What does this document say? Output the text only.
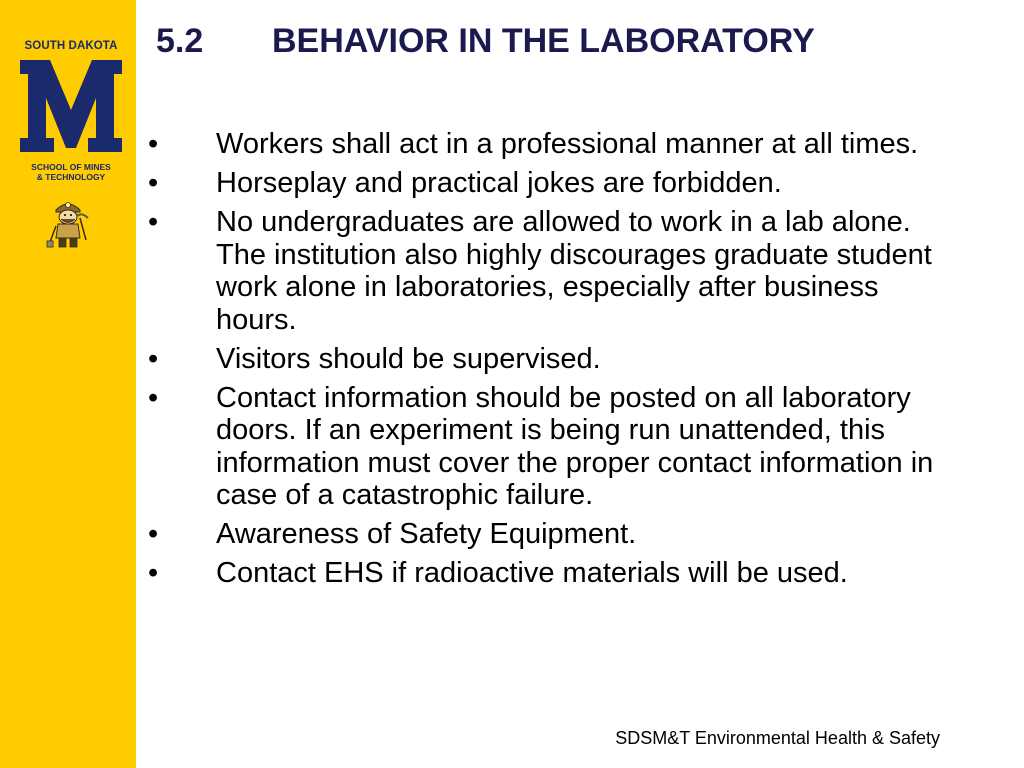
SOUTH DAKOTA
SCHOOL OF MINES
& TECHNOLOGY
5.2	BEHAVIOR IN THE LABORATORY
•	Workers shall act in a professional manner at all times.
•	Horseplay and practical jokes are forbidden.
•	No undergraduates are allowed to work in a lab alone. The institution also highly discourages graduate student work alone in laboratories, especially after business hours.
•	Visitors should be supervised.
•	Contact information should be posted on all laboratory doors. If an experiment is being run unattended, this information must cover the proper contact information in case of a catastrophic failure.
•	Awareness of Safety Equipment.
•	Contact EHS if radioactive materials will be used.
SDSM&T Environmental Health & Safety
